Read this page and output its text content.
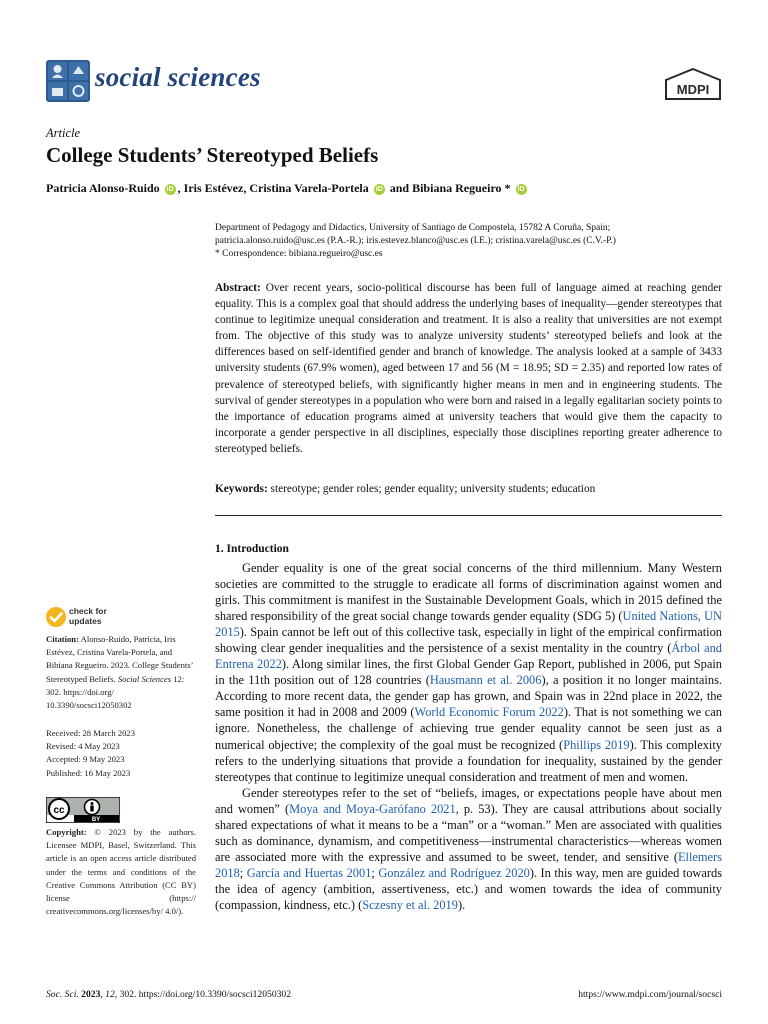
social sciences	MDPI
Article
College Students’ Stereotyped Beliefs
Patricia Alonso-Ruido iD , Iris Estévez, Cristina Varela-Portela iD and Bibiana Regueiro * iD
Department of Pedagogy and Didactics, University of Santiago de Compostela, 15782 A Coruña, Spain;
patricia.alonso.ruido@usc.es (P.A.-R.); iris.estevez.blanco@usc.es (I.E.); cristina.varela@usc.es (C.V.-P.)
* Correspondence: bibiana.regueiro@usc.es
Abstract: Over recent years, socio-political discourse has been full of language aimed at reaching gender equality. This is a complex goal that should address the underlying bases of inequality—gender stereotypes that continue to legitimize unequal consideration and treatment. It is also a reality that universities are not exempt from. The objective of this study was to analyze university students’ stereotyped beliefs and look at the differences based on self-identified gender and branch of knowledge. The analysis looked at a sample of 3433 university students (67.9% women), aged between 17 and 56 (M = 18.95; SD = 2.35) and reported low rates of prevalence of stereotyped beliefs, with significantly higher means in men and in engineering students. The survival of gender stereotypes in a population who were born and raised in a legally egalitarian society points to the importance of education programs aimed at university teachers that would give them the capacity to incorporate a gender perspective in all disciplines, especially those disciplines reporting greater adherence to stereotyped beliefs.
Keywords: stereotype; gender roles; gender equality; university students; education
1. Introduction

Gender equality is one of the great social concerns of the third millennium. Many Western societies are committed to the struggle to eradicate all forms of discrimination against women and girls. This commitment is manifest in the Sustainable Development Goals, which in 2015 defined the shared responsibility of the great social change towards gender equality (SDG 5) (United Nations, UN 2015). Spain cannot be left out of this collective task, especially in light of the empirical confirmation showing clear gender inequalities and the persistence of a sexist mentality in the country (Árbol and Entrena 2022). Along similar lines, the first Global Gender Gap Report, published in 2006, put Spain in the 11th position out of 128 countries (Hausmann et al. 2006), a position it no longer maintains. According to more recent data, the gender gap has grown, and Spain was in 22nd place in 2022, the same position it had in 2008 and 2009 (World Economic Forum 2022). That is not something we can ignore. Nonetheless, the challenge of achieving true gender equality cannot be seen just as a numerical objective; the complexity of the goal must be recognized (Phillips 2019). This complexity refers to the underlying situations that provide a foundation for inequality, sustained by the gender stereotypes that continue to legitimize unequal consideration and treatment of men and women.

Gender stereotypes refer to the set of “beliefs, images, or expectations people have about men and women” (Moya and Moya-Garófano 2021, p. 53). They are causal attributions about socially shared expectations of what it means to be a “man” or a “woman.” Men are associated with qualities such as dominance, dynamism, and competitiveness—instrumental characteristics—whereas women are associated more with the expressive and assumed to be sweet, tender, and sensitive (Ellemers 2018; García and Huertas 2001; González and Rodríguez 2020). In this way, men are guided towards the idea of agency (ambition, assertiveness, etc.) and women towards the idea of community (compassion, kindness, etc.) (Sczesny et al. 2019).

check for
updates
Citation: Alonso-Ruido, Patricia, Iris Estévez, Cristina Varela-Portela, and Bibiana Regueiro. 2023. College Students’ Stereotyped Beliefs. Social Sciences 12: 302. https://doi.org/ 10.3390/socsci12050302
Received: 28 March 2023
Revised: 4 May 2023
Accepted: 9 May 2023
Published: 16 May 2023
cc
BY
Copyright: © 2023 by the authors. Licensee MDPI, Basel, Switzerland. This article is an open access article distributed under the terms and conditions of the Creative Commons Attribution (CC BY) license (https:// creativecommons.org/licenses/by/ 4.0/).
Soc. Sci. 2023, 12, 302. https://doi.org/10.3390/socsci12050302	https://www.mdpi.com/journal/socsci
